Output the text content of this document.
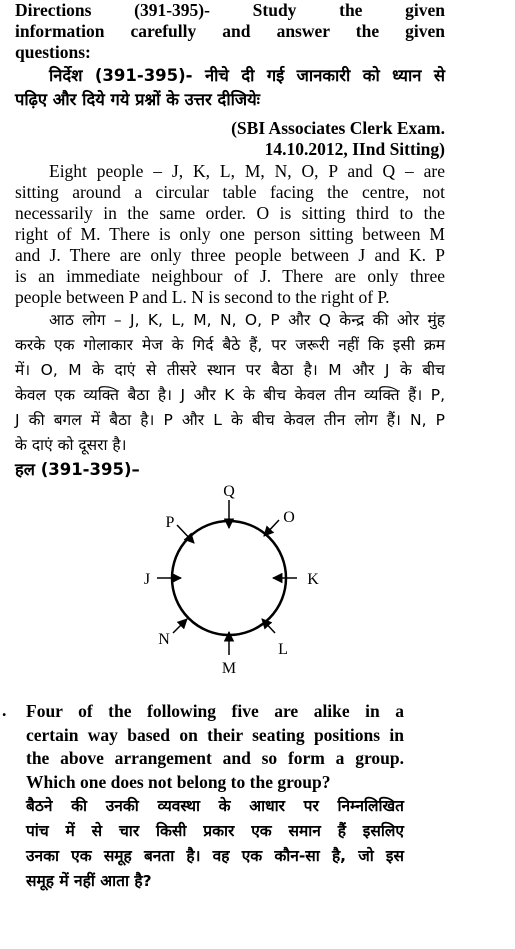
Directions (391-395)- Study the given
information carefully and answer the given
questions:
निर्देश (391-395)- नीचे दी गई जानकारी को ध्यान से
पढ़िए और दिये गये प्रश्नों के उत्तर दीजियेः
(SBI Associates Clerk Exam.
14.10.2012, IInd Sitting)
Eight people – J, K, L, M, N, O, P and Q – are
sitting around a circular table facing the centre, not
necessarily in the same order. O is sitting third to the
right of M. There is only one person sitting between M
and J. There are only three people between J and K. P
is an immediate neighbour of J. There are only three
people between P and L. N is second to the right of P.
आठ लोग – J, K, L, M, N, O, P और Q केन्द्र की ओर मुंह
करके एक गोलाकार मेज के गिर्द बैठे हैं, पर जरूरी नहीं कि इसी क्रम
में। O, M के दाएं से तीसरे स्थान पर बैठा है। M और J के बीच
केवल एक व्यक्ति बैठा है। J और K के बीच केवल तीन व्यक्ति हैं। P,
J की बगल में बैठा है। P और L के बीच केवल तीन लोग हैं। N, P
के दाएं को दूसरा है।
हल (391-395)–
Q
O
K
L
M
N
J
P
. Four of the following five are alike in a
certain way based on their seating positions in
the above arrangement and so form a group.
Which one does not belong to the group?
बैठने की उनकी व्यवस्था के आधार पर निम्नलिखित
पांच में से चार किसी प्रकार एक समान हैं इसलिए
उनका एक समूह बनता है। वह एक कौन-सा है, जो इस
समूह में नहीं आता है?
